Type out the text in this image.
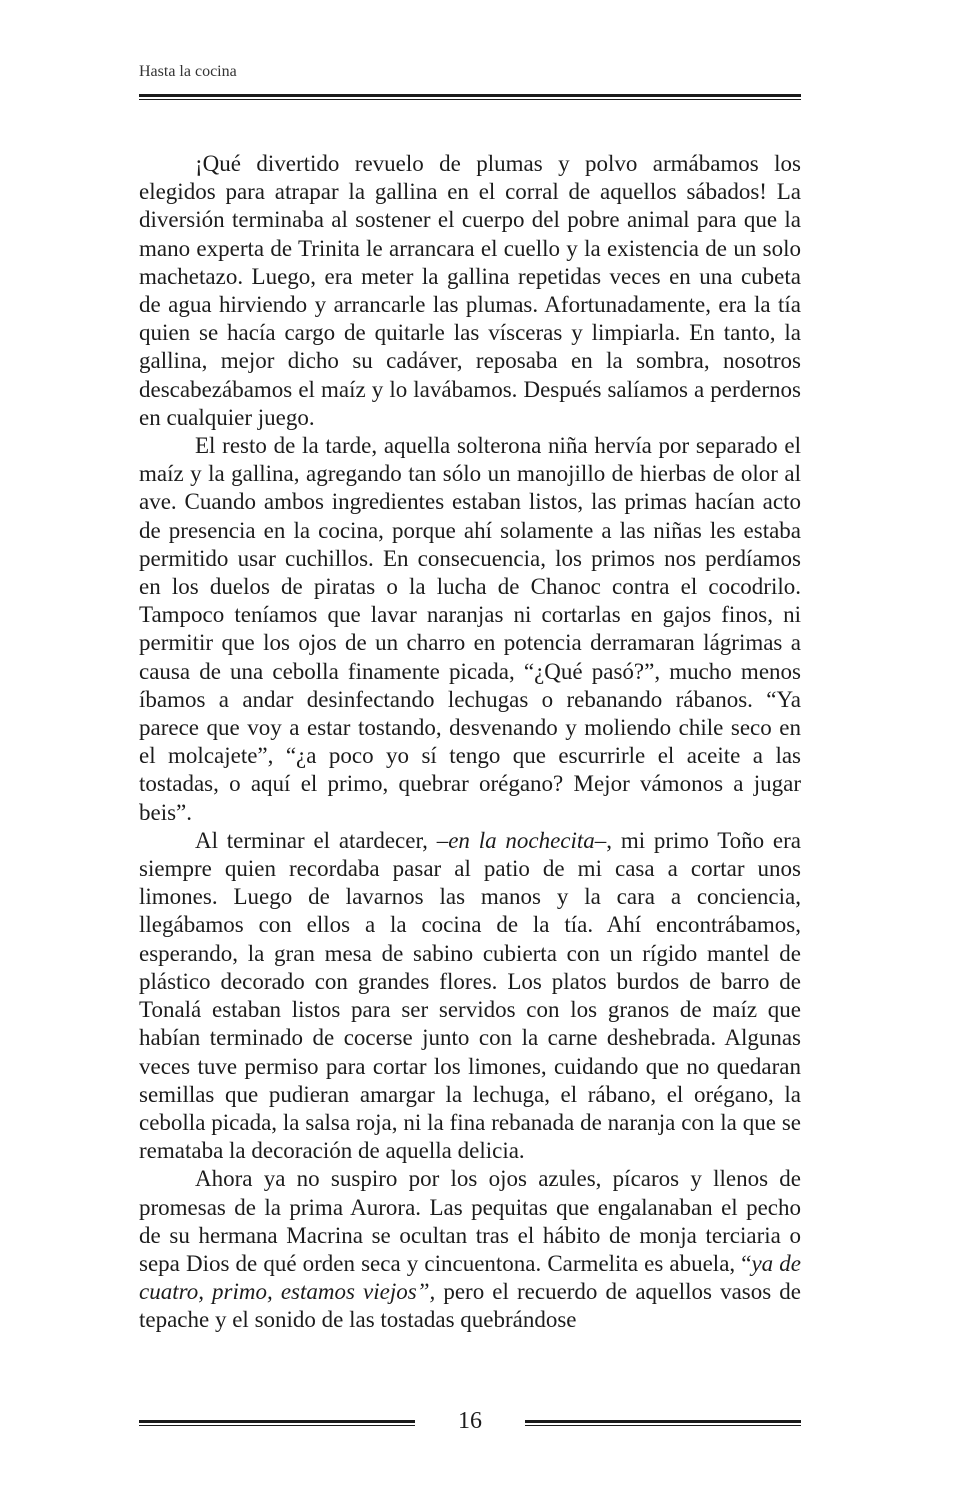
Hasta la cocina

¡Qué divertido revuelo de plumas y polvo armábamos los elegidos para atrapar la gallina en el corral de aquellos sábados! La diversión terminaba al sostener el cuerpo del pobre animal para que la mano experta de Trinita le arrancara el cuello y la existencia de un solo machetazo. Luego, era meter la gallina repetidas veces en una cubeta de agua hirviendo y arrancarle las plumas. Afortunadamente, era la tía quien se hacía cargo de quitarle las vísceras y limpiarla. En tanto, la gallina, mejor dicho su cadáver, reposaba en la sombra, nosotros descabezábamos el maíz y lo lavábamos. Después salíamos a perdernos en cualquier juego.

El resto de la tarde, aquella solterona niña hervía por separado el maíz y la gallina, agregando tan sólo un manojillo de hierbas de olor al ave. Cuando ambos ingredientes estaban listos, las primas hacían acto de presencia en la cocina, porque ahí solamente a las niñas les estaba permitido usar cuchillos. En consecuencia, los primos nos perdíamos en los duelos de piratas o la lucha de Chanoc contra el cocodrilo. Tampoco teníamos que lavar naranjas ni cortarlas en gajos finos, ni permitir que los ojos de un charro en potencia derramaran lágrimas a causa de una cebolla finamente picada, “¿Qué pasó?”, mucho menos íbamos a andar desinfectando lechugas o rebanando rábanos. “Ya parece que voy a estar tostando, desvenando y moliendo chile seco en el molcajete”, “¿a poco yo sí tengo que escurrirle el aceite a las tostadas, o aquí el primo, quebrar orégano? Mejor vámonos a jugar beis”.

Al terminar el atardecer, –en la nochecita–, mi primo Toño era siempre quien recordaba pasar al patio de mi casa a cortar unos limones. Luego de lavarnos las manos y la cara a conciencia, llegábamos con ellos a la cocina de la tía. Ahí encontrábamos, esperando, la gran mesa de sabino cubierta con un rígido mantel de plástico decorado con grandes flores. Los platos burdos de barro de Tonalá estaban listos para ser servidos con los granos de maíz que habían terminado de cocerse junto con la carne deshebrada. Algunas veces tuve permiso para cortar los limones, cuidando que no quedaran semillas que pudieran amargar la lechuga, el rábano, el orégano, la cebolla picada, la salsa roja, ni la fina rebanada de naranja con la que se remataba la decoración de aquella delicia.

Ahora ya no suspiro por los ojos azules, pícaros y llenos de promesas de la prima Aurora. Las pequitas que engalanaban el pecho de su hermana Macrina se ocultan tras el hábito de monja terciaria o sepa Dios de qué orden seca y cincuentona. Carmelita es abuela, “ya de cuatro, primo, estamos viejos”, pero el recuerdo de aquellos vasos de tepache y el sonido de las tostadas quebrándose

16
